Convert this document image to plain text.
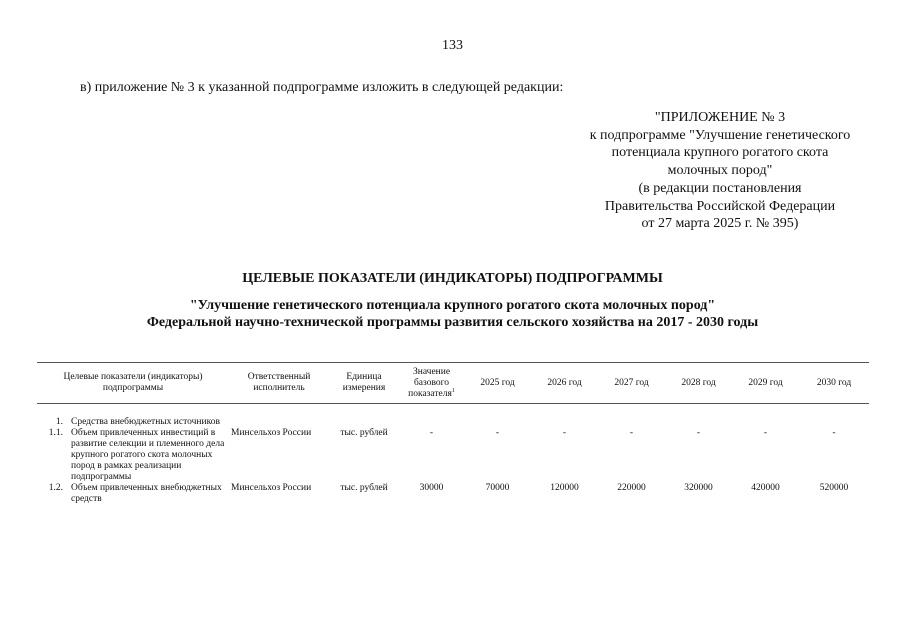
133
в) приложение № 3 к указанной подпрограмме изложить в следующей редакции:
"ПРИЛОЖЕНИЕ № 3
к подпрограмме "Улучшение генетического
потенциала крупного рогатого скота
молочных пород"
(в редакции постановления
Правительства Российской Федерации
от 27 марта 2025 г. № 395)
ЦЕЛЕВЫЕ ПОКАЗАТЕЛИ (ИНДИКАТОРЫ) ПОДПРОГРАММЫ
"Улучшение генетического потенциала крупного рогатого скота молочных пород"
Федеральной научно-технической программы развития сельского хозяйства на 2017 - 2030 годы
Целевые показатели (индикаторы) подпрограммы		Ответственный исполнитель	Единица измерения	Значение базового показателя$^1$	2025 год	2026 год	2027 год	2028 год	2029 год	2030 год

1.	Средства внебюджетных источников									
1.1.	Объем привлеченных инвестиций в развитие селекции и племенного дела крупного рогатого скота молочных пород в рамках реализации подпрограммы	Минсельхоз России	тыс. рублей	-	-	-	-	-	-	-
1.2.	Объем привлеченных внебюджетных средств	Минсельхоз России	тыс. рублей	30000	70000	120000	220000	320000	420000	520000
